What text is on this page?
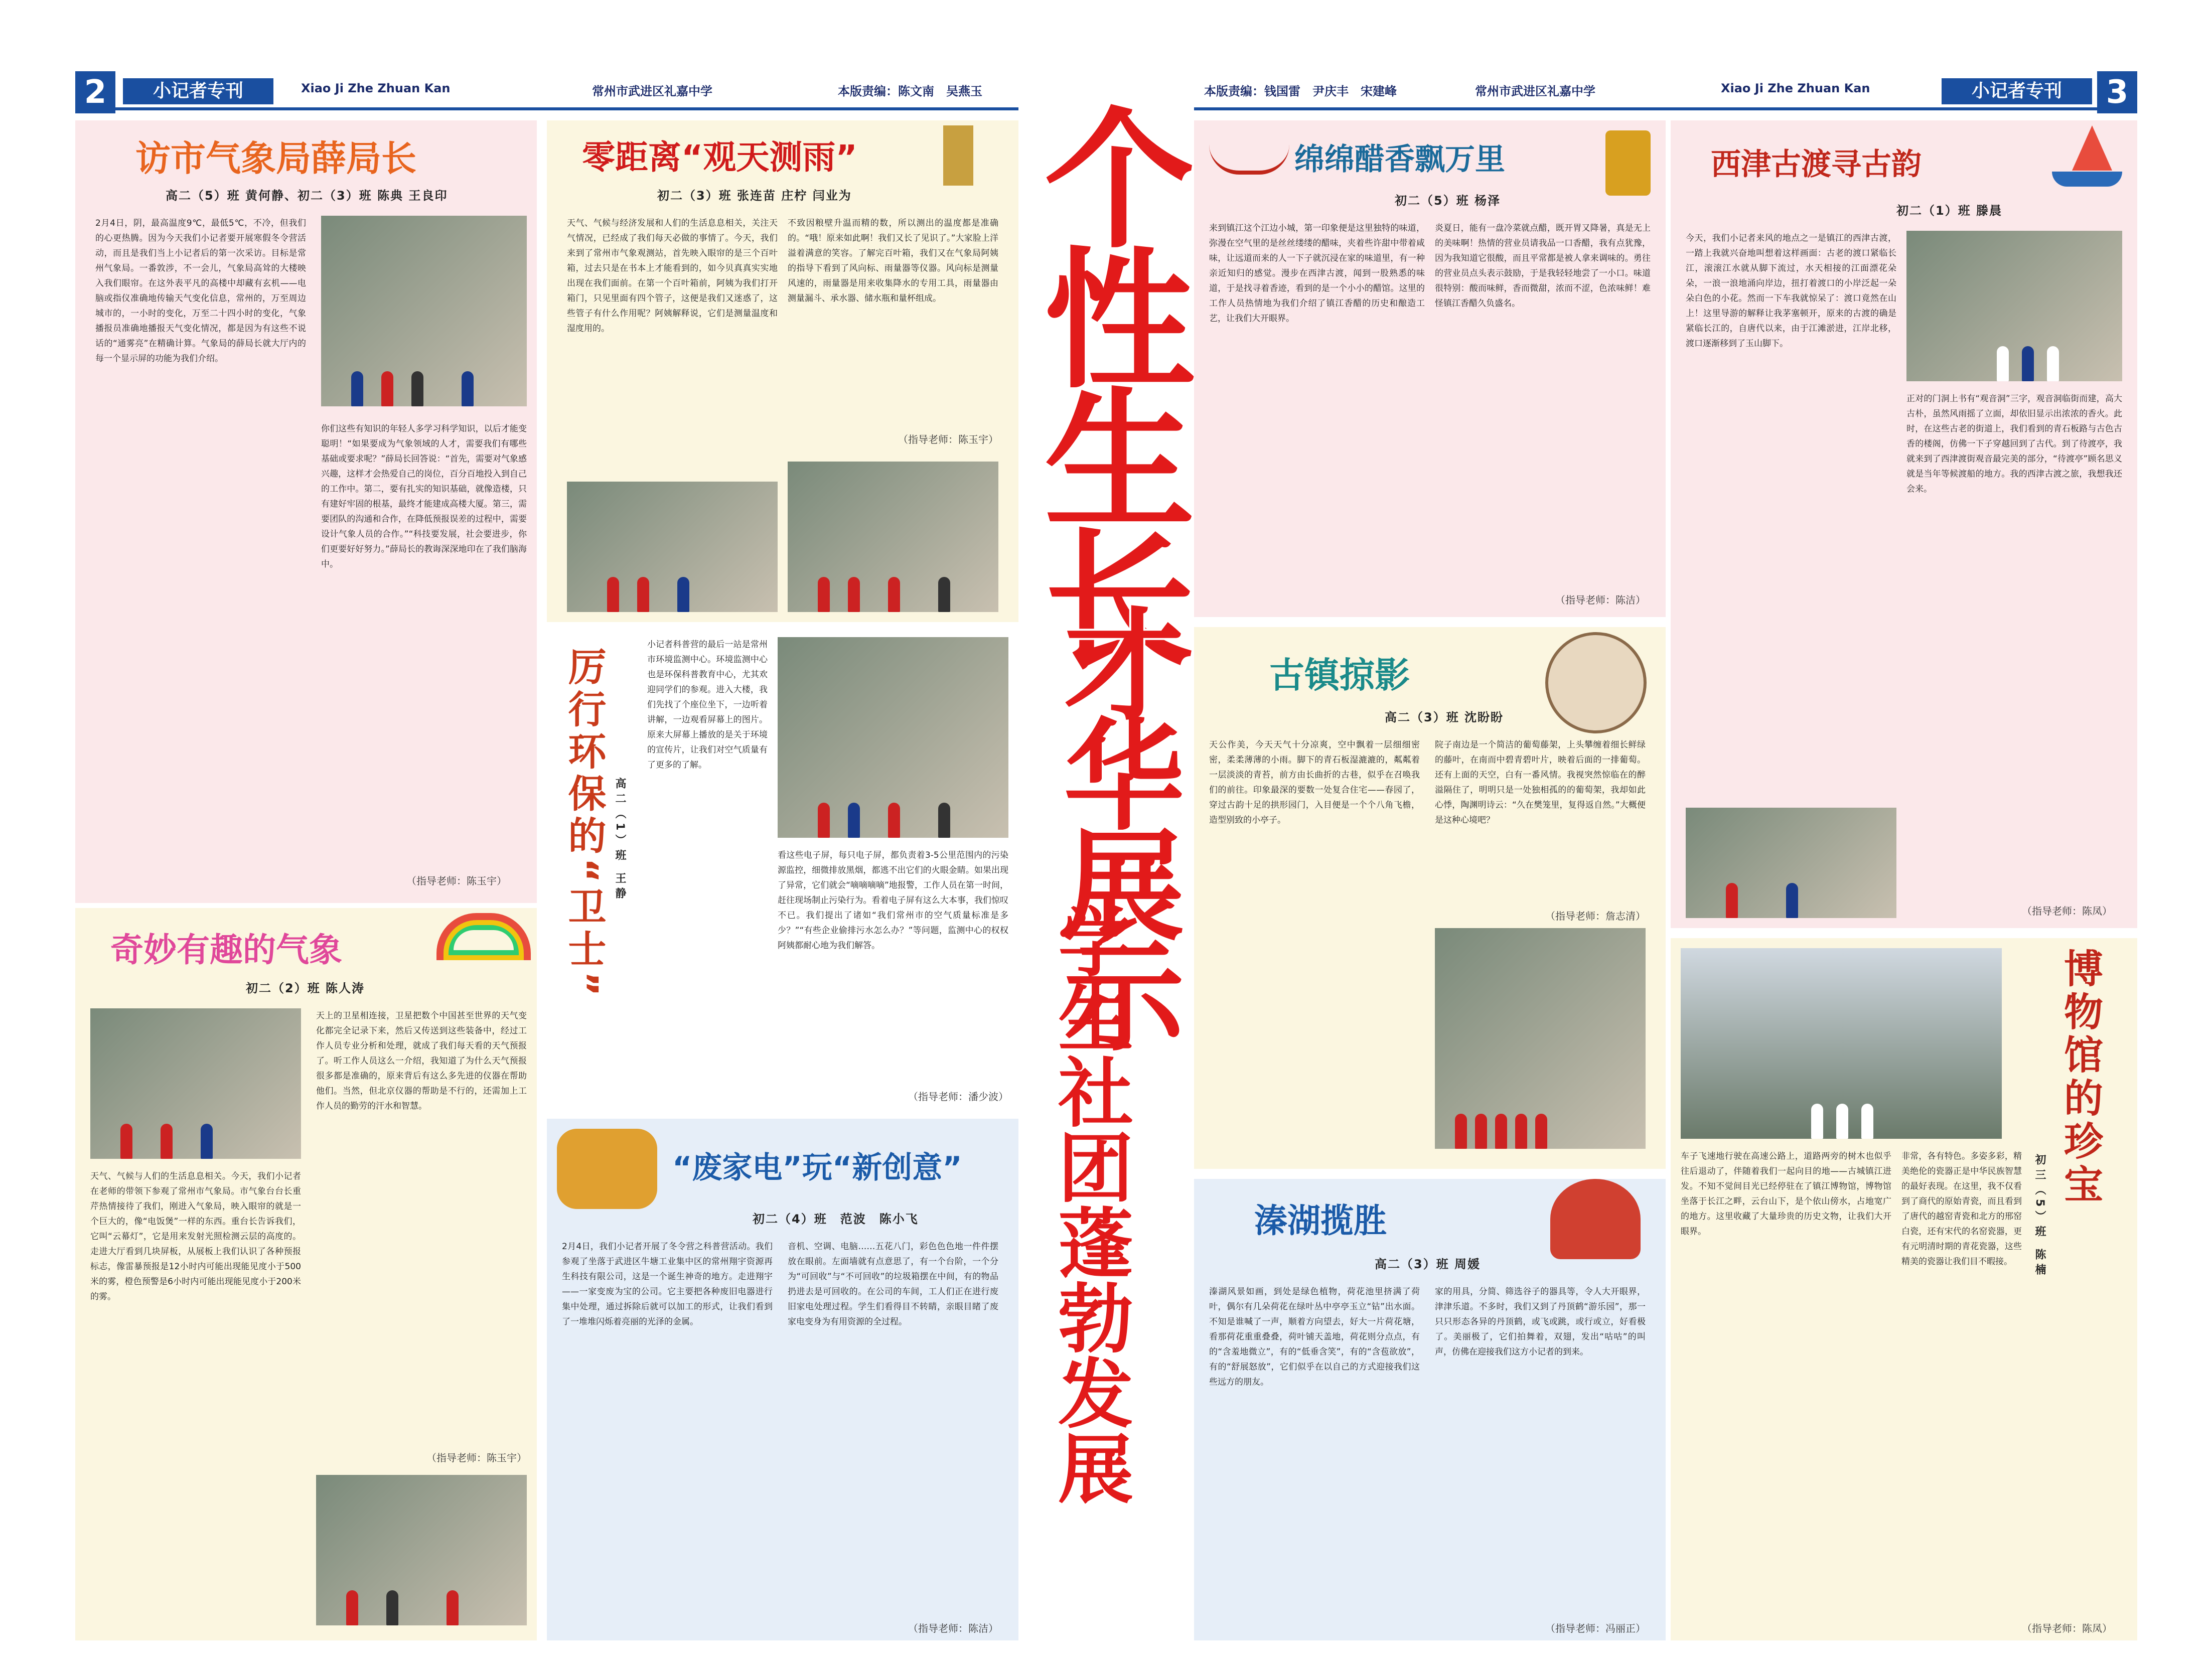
2	小记者专刊	Xiao Ji Zhe Zhuan Kan	常州市武进区礼嘉中学	本版责编：陈文南　吴燕玉
访市气象局薛局长
高二（5）班 黄何静、初二（3）班 陈典 王良印
2月4日，阴，最高温度9℃，最低5℃，不冷，但我们的心更热腾。因为今天我们小记者要开展寒假冬令营活动，而且是我们当上小记者后的第一次采访。目标是常州气象局。一番敦涉，不一会儿，气象局高耸的大楼映入我们眼帘。在这外表平凡的高楼中却藏有玄机——电脑或指仪准确地传输天气变化信息，常州的，万至周边城市的，一小时的变化，万至二十四小时的变化，气象播报员准确地播报天气变化情况，都是因为有这些不说话的“通雾亮”在精确计算。气象局的薛局长就大厅内的每一个显示屏的功能为我们介绍。
你们这些有知识的年轻人多学习科学知识，以后才能变聪明！“如果要成为气象领域的人才，需要我们有哪些基础或要求呢？”薛局长回答说：“首先，需要对气象感兴趣，这样才会热爱自己的岗位，百分百地投入到自己的工作中。第二，要有扎实的知识基础，就像造楼，只有建好牢固的根基，最终才能建成高楼大厦。第三，需要团队的沟通和合作，在降低预报误差的过程中，需要设计气象人员的合作。”“科技要发展，社会要进步，你们更要好好努力。”薛局长的教诲深深地印在了我们脑海中。
（指导老师：陈玉宇）
零距离“观天测雨”
初二（3）班 张连苗 庄柠 闫业为
天气、气候与经济发展和人们的生活息息相关，关注天气情况，已经成了我们每天必做的事情了。今天，我们来到了常州市气象观测站，首先映入眼帘的是三个百叶箱，过去只是在书本上才能看到的，如今贝真真实实地出现在我们面前。在第一个百叶箱前，阿姨为我们打开箱门，只见里面有四个管子，这便是我们又迷惑了，这些管子有什么作用呢？阿姨解释说，它们是测量温度和湿度用的。
不致因粮壁升温而精的数，所以测出的温度都是准确的。“哦！原来如此啊！我们又长了见识了。”大家脸上洋溢着满意的笑容。了解完百叶箱，我们又在气象局阿姨的指导下看到了风向标、雨量器等仪器。风向标是测量风速的，雨量器是用来收集降水的专用工具，雨量器由测量漏斗、承水器、储水瓶和量杯组成。
（指导老师：陈玉宇）
厉行环保的“卫士” 高二（1）班 王静
小记者科普营的最后一站是常州市环境监测中心。环境监测中心也是环保科普教育中心，尤其欢迎同学们的参观。进入大楼，我们先找了个座位坐下，一边听着讲解，一边观看屏幕上的图片。原来大屏幕上播放的是关于环境的宣传片，让我们对空气质量有了更多的了解。
看这些电子屏，每只电子屏，都负责着3-5公里范围内的污染源监控，细微排放黑烟，都逃不出它们的火眼金睛。如果出现了异常，它们就会“嘀嘀嘀嘀”地报警，工作人员在第一时间，赶往现场制止污染行为。看着电子屏有这么大本事，我们惊叹不已。我们提出了诸如“我们常州市的空气质量标准是多少？”“有些企业偷排污水怎么办？”等问题，监测中心的权权阿姨都耐心地为我们解答。
（指导老师：潘少波）
奇妙有趣的气象
初二（2）班 陈人涛
天上的卫星相连接，卫星把数个中国甚至世界的天气变化都完全记录下来，然后又传送到这些装备中，经过工作人员专业分析和处理，就成了我们每天看的天气预报了。听工作人员这么一介绍，我知道了为什么天气预报很多都是准确的，原来背后有这么多先进的仪器在帮助他们。当然，但北京仪器的帮助是不行的，还需加上工作人员的勤劳的汗水和智慧。
天气、气候与人们的生活息息相关。今天，我们小记者在老师的带领下参观了常州市气象局。市气象台台长重芹热情接待了我们，刚进入气象局，映入眼帘的就是一个巨大的，像“电饭煲”一样的东西。重台长告诉我们，它叫“云幕灯”，它是用来发射光照检测云层的高度的。走进大厅看到几块屏板，从展板上我们认识了各种预报标志，像雷暴预报是12小时内可能出现能见度小于500米的雾，橙色预警是6小时内可能出现能见度小于200米的雾。
（指导老师：陈玉宇）
“废家电”玩“新创意”
初二（4）班　范波　陈小飞
2月4日，我们小记者开展了冬令营之科普营活动。我们参观了坐落于武进区牛塘工业集中区的常州翔宇资源再生科技有限公司，这是一个诞生神奇的地方。走进翔宇——一家变废为宝的公司。它主要把各种废旧电器进行集中处理，通过拆除后就可以加工的形式，让我们看到了一堆堆闪烁着亮丽的光泽的金属。
音机、空调、电脑……五花八门，彩色色色地一件件摆放在眼前。左面墙就有点意思了，有一个台阶，一个分为“可回收”与“不可回收”的垃圾箱摆在中间，有的物品扔进去是可回收的。在公司的车间，工人们正在进行废旧家电处理过程。学生们看得目不转睛，亲眼目睹了废家电变身为有用资源的全过程。
（指导老师：陈洁）
个性生长
才华展示
学生社团蓬勃发展
本版责编：钱国雷　尹庆丰　宋建峰	常州市武进区礼嘉中学	Xiao Ji Zhe Zhuan Kan	小记者专刊	3
绵绵醋香飘万里
初二（5）班 杨泽
来到镇江这个江边小城，第一印象便是这里独特的味道，弥漫在空气里的是丝丝缕缕的醋味，夹着些许甜中带着咸味，让远道而来的人一下子就沉浸在家的味道里，有一种亲近知归的感觉。漫步在西津古渡，闻到一股熟悉的味道，于是找寻着香迹，看到的是一个小小的醋馆。这里的工作人员热情地为我们介绍了镇江香醋的历史和酿造工艺，让我们大开眼界。
炎夏日，能有一盘冷菜就点醋，既开胃又降暑，真是无上的美味啊！热情的营业员请我品一口香醋，我有点犹豫，因为我知道它很酸，而且平常都是被人拿来调味的。勇往的营业员点头表示鼓励，于是我轻轻地尝了一小口。味道很特别：酸而味鲜，香而微甜，浓而不涩，色浓味鲜！难怪镇江香醋久负盛名。
（指导老师：陈洁）
西津古渡寻古韵
初二（1）班 滕晨
今天，我们小记者来风的地点之一是镇江的西津古渡，一踏上我就兴奋地叫想着这样画面：古老的渡口紧临长江，滚滚江水就从脚下流过，水天相接的江面漂花朵朵，一浪一浪地涌向岸边，扭打着渡口的小岸泛起一朵朵白色的小花。然而一下车我就惊呆了：渡口竟然在山上！这里导游的解释让我茅塞顿开，原来的古渡的确是紧临长江的，自唐代以来，由于江滩淤进，江岸北移，渡口逐渐移到了玉山脚下。
正对的门洞上书有“观音洞”三字，观音洞临街而建，高大古朴，虽然风雨摇了立面，却依旧显示出浓浓的香火。此时，在这些古老的街道上，我们看到的青石板路与古色古香的楼阁，仿佛一下子穿越回到了古代。到了待渡亭，我就来到了西津渡街观音最完美的部分，“待渡亭”顾名思义就是当年等候渡船的地方。我的西津古渡之旅，我想我还会来。
（指导老师：陈凤）
古镇掠影
高二（3）班 沈盼盼
天公作美，今天天气十分凉爽，空中飘着一层细细密密，柔柔薄薄的小雨。脚下的青石板湿漉漉的，粼粼着一层淡淡的青苔，前方由长曲折的古巷，似乎在召唤我们的前往。印象最深的要数一处复合住宅——春园了，穿过古韵十足的拱形园门，入目便是一个个八角飞檐，造型别致的小亭子。
院子南边是一个简洁的葡萄藤架，上头攀缠着细长鲜绿的藤叶，在南而中碧青碧叶片，映着后面的一排葡萄。还有上面的天空，白有一番风情。我视突然惊临在的醉溢隔住了，明明只是一处独相孤的的葡萄架，我却如此心悸，陶渊明诗云：“久在樊笼里，复得返自然。”大概便是这种心境吧？
（指导老师：詹志清）
溱湖揽胜
高二（3）班 周媛
溱湖风景如画，到处是绿色植物，荷花池里挤满了荷叶，偶尔有几朵荷花在绿叶丛中亭亭玉立“钻”出水面。不知是谁喊了一声，顺着方向望去，好大一片荷花塘，看那荷花重重叠叠，荷叶铺天盖地，荷花则分点点，有的“含羞地微立”，有的“低垂含笑”，有的“含苞欲放”，有的“舒展怒放”，它们似乎在以自己的方式迎接我们这些远方的朋友。
家的用具，分简、筛选谷子的器具等，令人大开眼界，津津乐道。不多时，我们又到了丹顶鹤“游乐园”，那一只只形态各异的丹顶鹤，或飞或跳，或行或立，好看极了。美丽极了，它们拍舞着，双翅，发出“咕咕”的叫声，仿佛在迎接我们这方小记者的到来。
（指导老师：冯丽正）
博物馆的珍宝
初三（5）班 陈楠
车子飞速地行驶在高速公路上，道路两旁的树木也似乎往后退动了，伴随着我们一起向目的地——古城镇江进发。不知不觉间目光已经停驻在了镇江博物馆，博物馆坐落于长江之畔，云台山下，是个依山傍水，占地宽广的地方。这里收藏了大量珍贵的历史文物，让我们大开眼界。
非常，各有特色。多姿多彩，精美绝伦的瓷器正是中华民族智慧的最好表现。在这里，我不仅看到了商代的原始青瓷，而且看到了唐代的越窑青瓷和北方的邢窑白瓷，还有宋代的名窑瓷器，更有元明清时期的青花瓷器，这些精美的瓷器让我们目不暇接。
（指导老师：陈凤）
